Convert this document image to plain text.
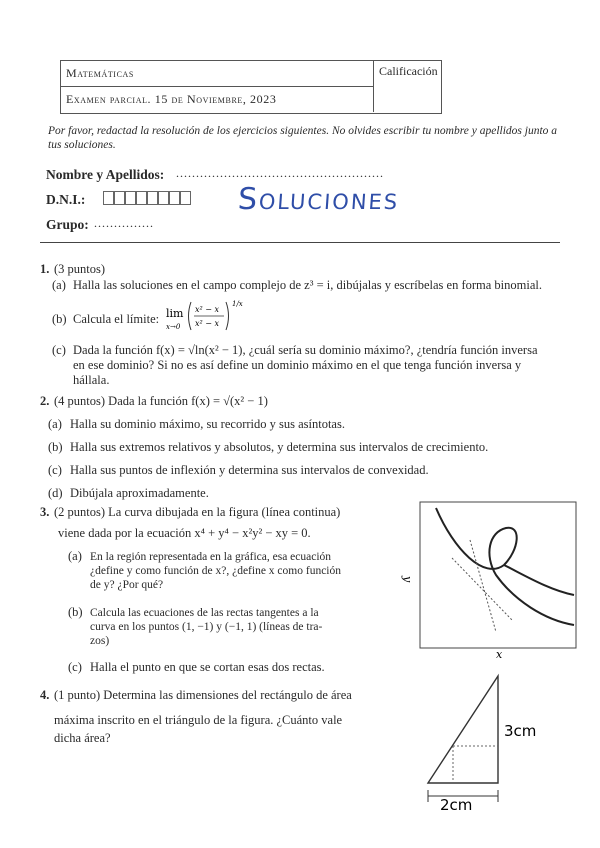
Matemáticas
Examen parcial. 15 de Noviembre, 2023
Calificación
Por favor, redactad la resolución de los ejercicios siguientes. No olvides escribir tu nombre y apellidos junto a tus soluciones.
Nombre y Apellidos: ....................................................
D.N.I.:
Grupo: ...............
Soluciones
1. (3 puntos)
(a) Halla las soluciones en el campo complejo de z³ = i, dibújalas y escríbelas en forma binomial.
(b) Calcula el límite: lim
x→0
x² − x
x² − x
1/x
(c) Dada la función f(x) = √ln(x² − 1), ¿cuál sería su dominio máximo?, ¿tendría función inversa
en ese dominio? Si no es así define un dominio máximo en el que tenga función inversa y
hállala.
2. (4 puntos) Dada la función f(x) = √(x² − 1)
(a) Halla su dominio máximo, su recorrido y sus asíntotas.
(b) Halla sus extremos relativos y absolutos, y determina sus intervalos de crecimiento.
(c) Halla sus puntos de inflexión y determina sus intervalos de convexidad.
(d) Dibújala aproximadamente.
3. (2 puntos) La curva dibujada en la figura (línea continua)
viene dada por la ecuación x⁴ + y⁴ − x²y² − xy = 0.
(a) En la región representada en la gráfica, esa ecuación
¿define y como función de x?, ¿define x como función
de y? ¿Por qué?
(b) Calcula las ecuaciones de las rectas tangentes a la
curva en los puntos (1, −1) y (−1, 1) (líneas de tra-
zos)
(c) Halla el punto en que se cortan esas dos rectas.
y
x
4. (1 punto) Determina las dimensiones del rectángulo de área
máxima inscrito en el triángulo de la figura. ¿Cuánto vale
dicha área?
2cm
3cm
